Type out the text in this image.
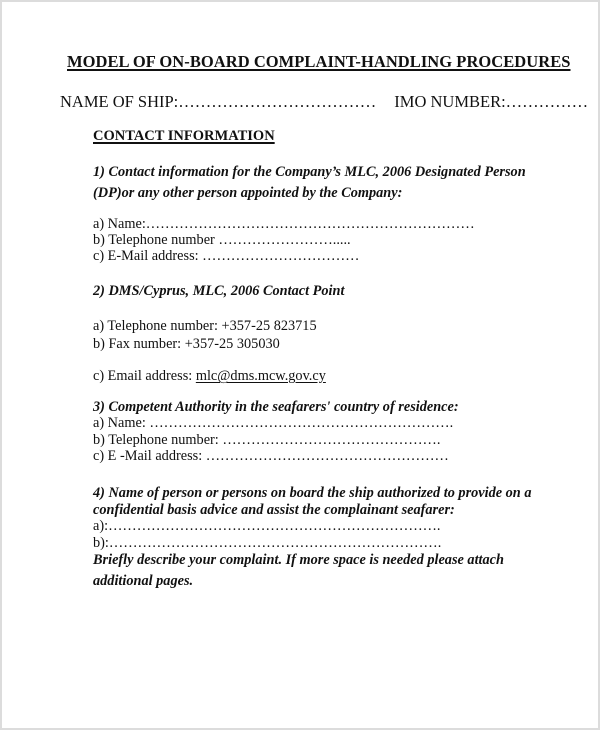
MODEL OF ON-BOARD COMPLAINT-HANDLING PROCEDURES
NAME OF SHIP:……………………………… IMO NUMBER:……………
CONTACT INFORMATION
1) Contact information for the Company’s MLC, 2006 Designated Person
(DP)or any other person appointed by the Company:
a) Name:……………………………………………………………
b) Telephone number …………………….....
c) E-Mail address: ……………………………
2) DMS/Cyprus, MLC, 2006 Contact Point
a) Telephone number: +357-25 823715
b) Fax number: +357-25 305030
c) Email address: mlc@dms.mcw.gov.cy
3) Competent Authority in the seafarers' country of residence:
a) Name: ……………………………………………………….
b) Telephone number: ……………………………………….
c) E -Mail address: ……………………………………………
4) Name of person or persons on board the ship authorized to provide on a
confidential basis advice and assist the complainant seafarer:
a):…………………………………………………………….
b):…………………………………………………………….
Briefly describe your complaint. If more space is needed please attach
additional pages.
